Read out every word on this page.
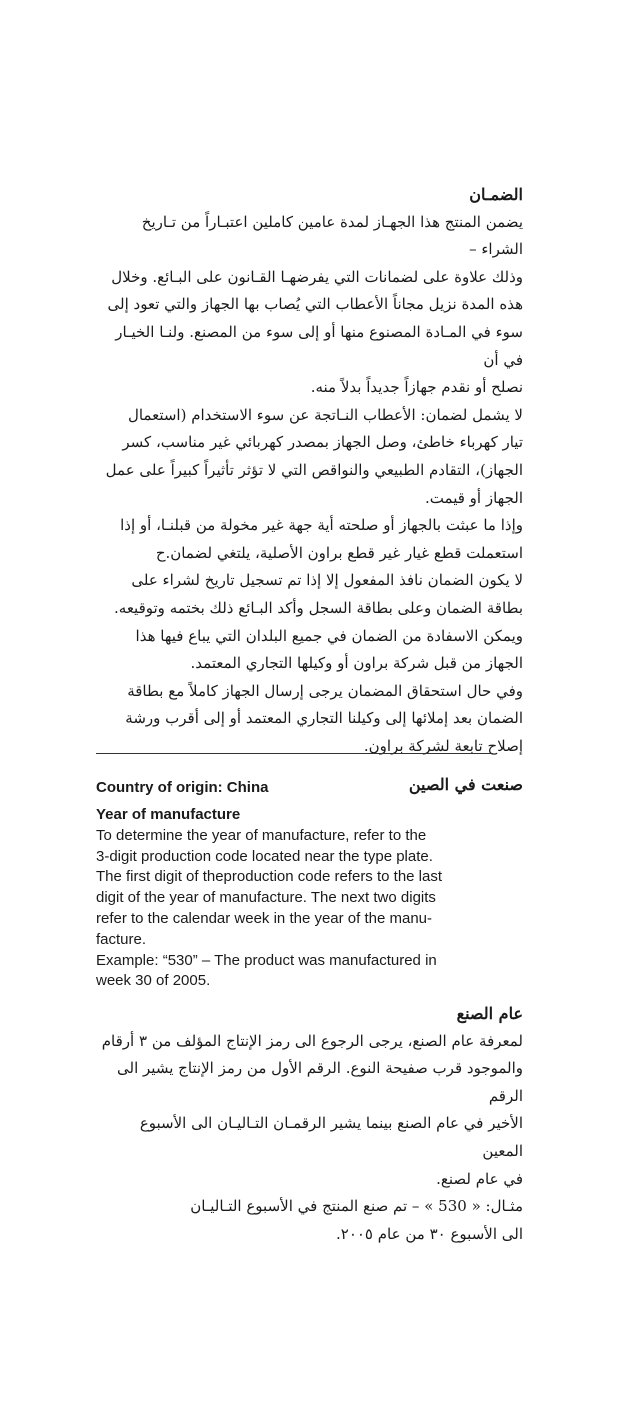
الضمـان

يضمن المنتج هذا الجهـاز لمدة عامين كاملين اعتبـاراً من تـاريخ الشراء –

وذلك علاوة على لضمانات التي يفرضهـا القـانون على البـائع. وخلال

هذه المدة نزيل مجاناً الأعطاب التي يُصاب بها الجهاز والتي تعود إلى

سوء في المـادة المصنوع منها أو إلى سوء من المصنع. ولنـا الخيـار في أن

نصلح أو نقدم جهازاً جديداً بدلاً منه.

لا يشمل لضمان: الأعطاب النـاتجة عن سوء الاستخدام (استعمال

تيار كهرباء خاطئ، وصل الجهاز بمصدر كهربائي غير مناسب، كسر

الجهاز)، التقادم الطبيعي والنواقص التي لا تؤثر تأثيراً كبيراً على عمل

الجهاز أو قيمت.

وإذا ما عبثت بالجهاز أو صلحته أية جهة غير مخولة من قبلنـا، أو إذا

استعملت قطع غيار غير قطع براون الأصلية، يلتغي لضمان.ح

لا يكون الضمان نافذ المفعول إلا إذا تم تسجيل تاريخ لشراء على

بطاقة الضمان وعلى بطاقة السجل وأكد البـائع ذلك بختمه وتوقيعه.

ويمكن الاسفادة من الضمان في جميع البلدان التي يباع فيها هذا

الجهاز من قبل شركة براون أو وكيلها التجاري المعتمد.

وفي حال استحقاق المضمان يرجى إرسال الجهاز كاملاً مع بطاقة

الضمان بعد إملائها إلى وكيلنا التجاري المعتمد أو إلى أقرب ورشة

إصلاح تابعة لشركة براون.

Country of origin: China	صنعت في الصين

Year of manufacture

To determine the year of manufacture, refer to the

3-digit production code located near the type plate.

The first digit of theproduction code refers to the last

digit of the year of manufacture. The next two digits

refer to the calendar week in the year of the manu-

facture.

Example: “530” – The product was manufactured in

week 30 of 2005.

عام الصنع

لمعرفة عام الصنع، يرجى الرجوع الى رمز الإنتاج المؤلف من ٣ أرقام

والموجود قرب صفيحة النوع. الرقم الأول من رمز الإنتاج يشير الى الرقم

الأخير في عام الصنع بينما يشير الرقمـان التـاليـان الى الأسبوع المعين

في عام لصنع.

مثـال: « 530 » – تم صنع المنتج في الأسبوع التـاليـان

الى الأسبوع ٣٠ من عام ٢٠٠٥.
